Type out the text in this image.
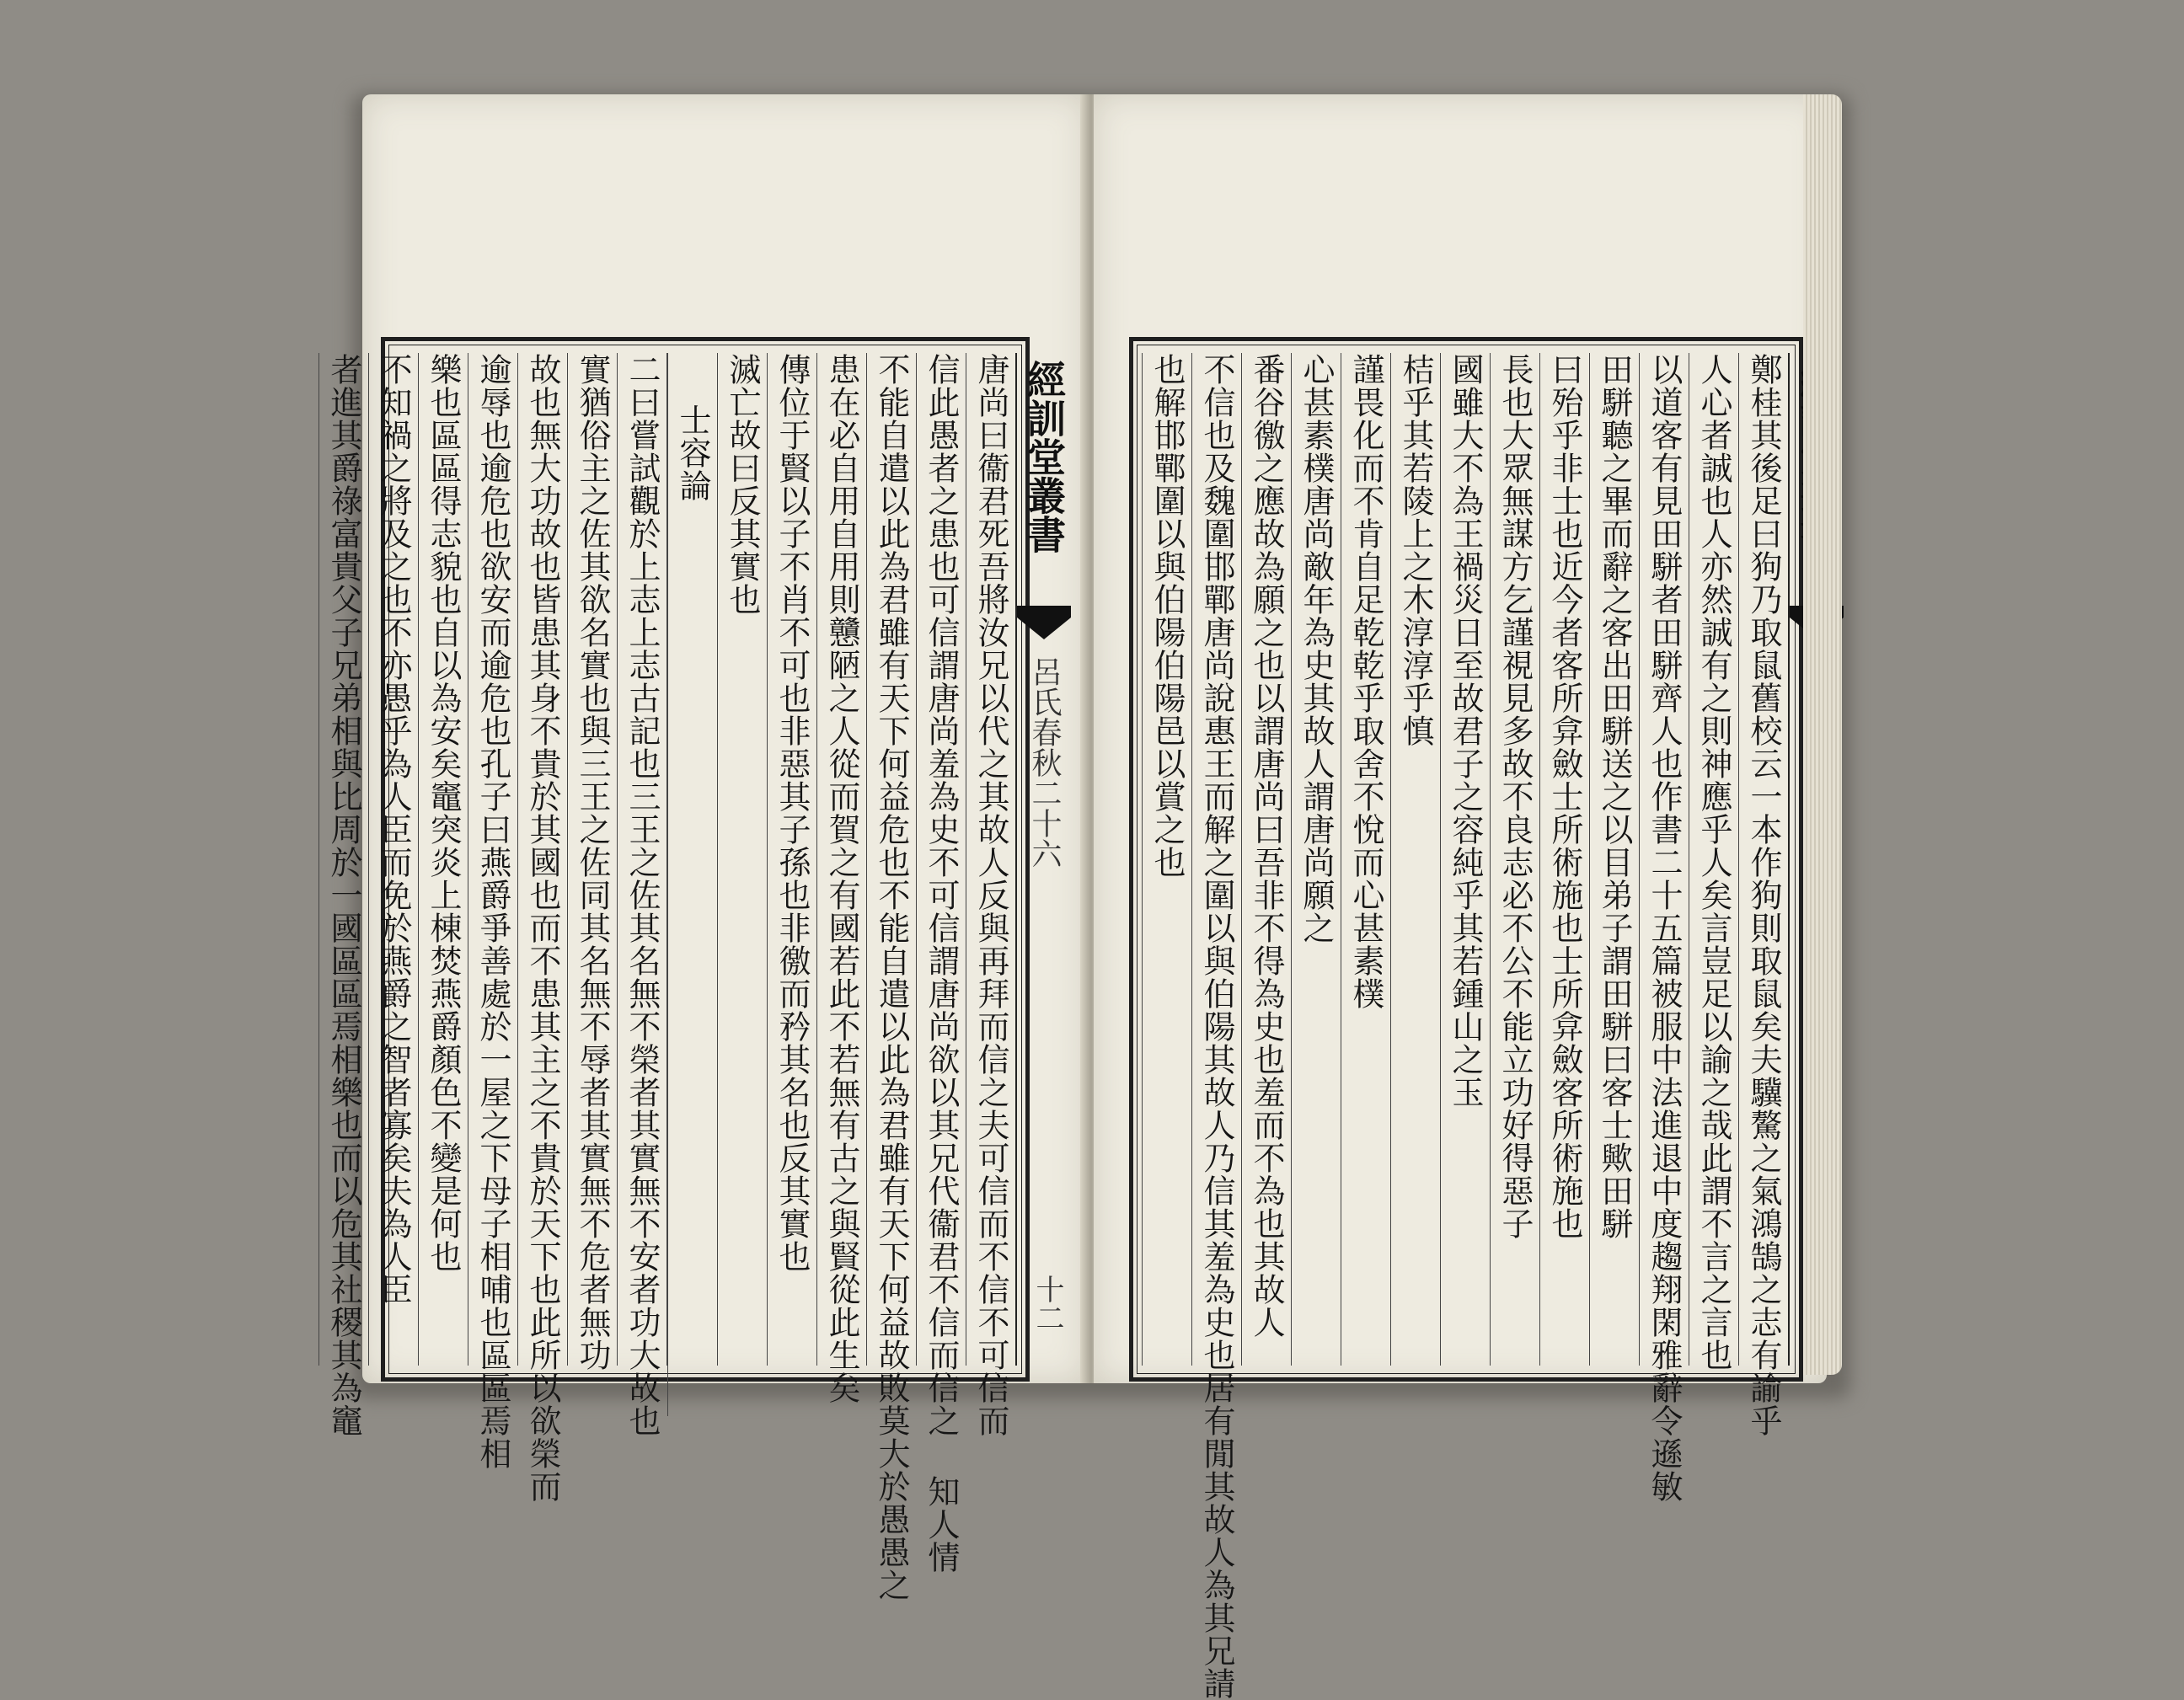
經訓堂叢書
呂氏春秋二十六
十二
唐尚曰衞君死吾將汝兄以代之其故人反與再拜而信之夫可信而不信不可信而
信此愚者之患也可信謂唐尚羞為史不可信謂唐尚欲以其兄代衞君不信而信之 知人情
不能自遣以此為君雖有天下何益危也不能自遣以此為君雖有天下何益故敗莫大於愚愚之
患在必自用自用則戇陋之人從而賀之有國若此不若無有古之與賢從此生矣
傳位于賢以子不肖不可也非惡其子孫也非徼而矜其名也反其實也
滅亡故曰反其實也
士容論
二曰嘗試觀於上志上志古記也三王之佐其名無不榮者其實無不安者功大故也
實猶俗主之佐其欲名實也與三王之佐同其名無不辱者其實無不危者無功
故也無大功故也皆患其身不貴於其國也而不患其主之不貴於天下也此所以欲榮而
逾辱也逾危也欲安而逾危也孔子曰燕爵爭善處於一屋之下母子相哺也區區焉相
樂也區區得志貌也自以為安矣竈突炎上棟焚燕爵顏色不變是何也
不知禍之將及之也不亦愚乎為人臣而免於燕爵之智者寡矣夫為人臣
者進其爵祿富貴父子兄弟相與比周於一國區區焉相樂也而以危其社稷其為竈	鄭桂其後足曰狗乃取鼠舊校云一本作狗則取鼠矣夫驥驁之氣鴻鵠之志有諭乎
人心者誠也人亦然誠有之則神應乎人矣言豈足以諭之哉此謂不言之言也
以道客有見田駢者田駢齊人也作書二十五篇被服中法進退中度趨翔閑雅辭令遜敏
田駢聽之畢而辭之客出田駢送之以目弟子謂田駢曰客士歟田駢
曰殆乎非士也近今者客所弇斂士所術施也士所弇斂客所術施也
長也大眾無謀方乞謹視見多故不良志必不公不能立功好得惡子
國雖大不為王禍災日至故君子之容純乎其若鍾山之玉
桔乎其若陵上之木淳淳乎慎
謹畏化而不肯自足乾乾乎取舍不悅而心甚素樸
心甚素樸唐尚敵年為史其故人謂唐尚願之
番谷徼之應故為願之也以謂唐尚曰吾非不得為史也羞而不為也其故人
不信也及魏圍邯鄲唐尚說惠王而解之圍以與伯陽其故人乃信其羞為史也居有閒其故人為其兄請
也解邯鄲圍以與伯陽伯陽邑以賞之也
